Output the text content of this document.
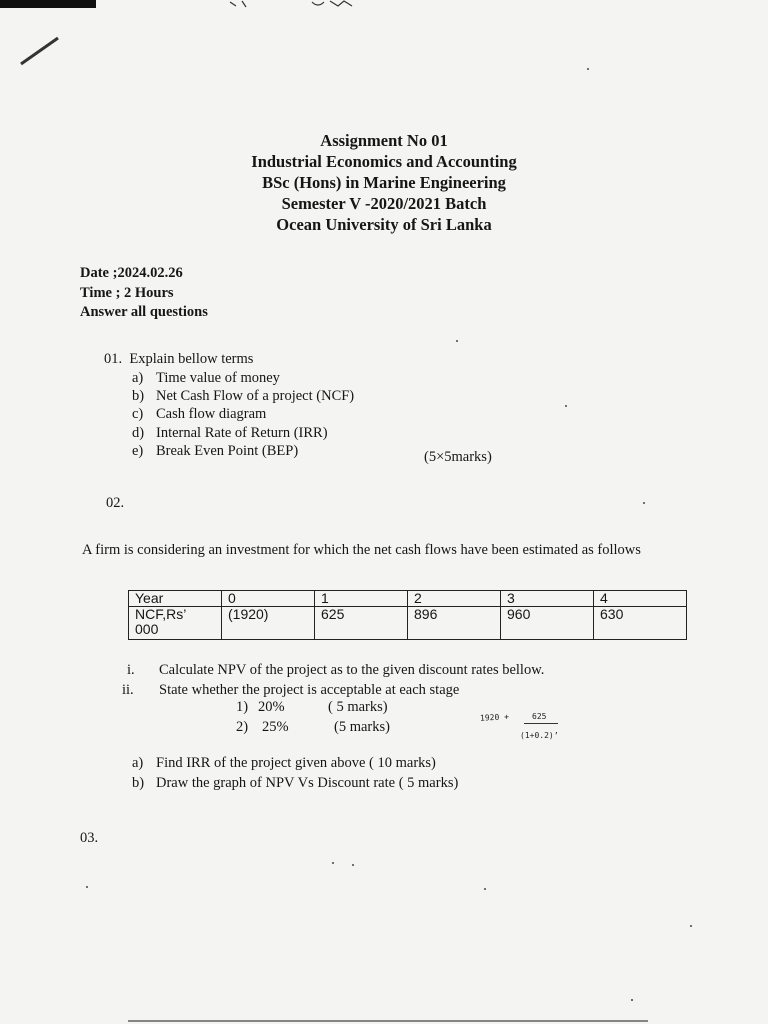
Assignment No 01
Industrial Economics and Accounting
BSc (Hons) in Marine Engineering
Semester V -2020/2021 Batch
Ocean University of Sri Lanka
Date ;2024.02.26
Time ; 2 Hours
Answer all questions
01. Explain bellow terms
a) Time value of money
b) Net Cash Flow of a project (NCF)
c) Cash flow diagram
d) Internal Rate of Return (IRR)
e) Break Even Point (BEP)	(5×5marks)
02.
A firm is considering an investment for which the net cash flows have been estimated as follows
Year	0	1	2	3	4

NCF,Rs’
000	(1920)	625	896	960	630
i. Calculate NPV of the project as to the given discount rates bellow.
ii. State whether the project is acceptable at each stage
1) 20%	( 5 marks)
2) 25%	(5 marks)
1920 +	625
(1+0.2)’
a) Find IRR of the project given above ( 10 marks)
b) Draw the graph of NPV Vs Discount rate ( 5 marks)
03.
